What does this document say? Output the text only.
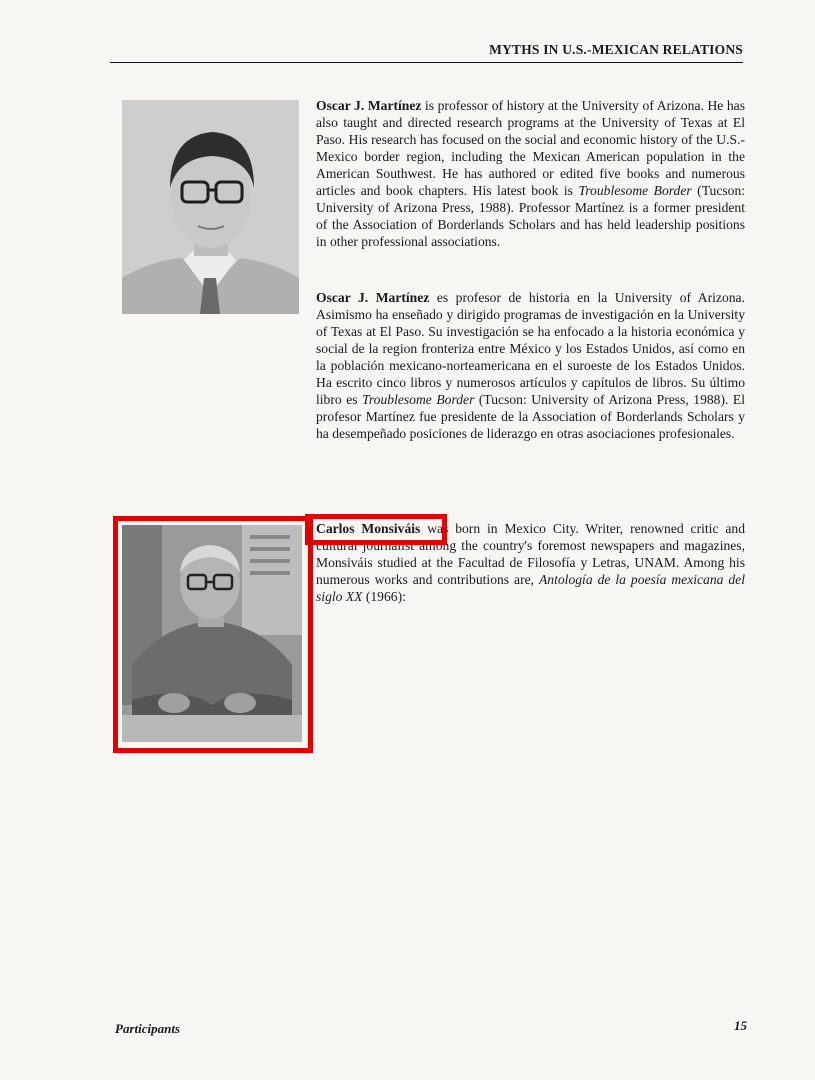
MYTHS IN U.S.-MEXICAN RELATIONS
Oscar J. Martínez is professor of history at the University of Arizona. He has also taught and directed research programs at the University of Texas at El Paso. His research has focused on the social and economic history of the U.S.-Mexico border region, including the Mexican American population in the American Southwest. He has authored or edited five books and numerous articles and book chapters. His latest book is Troublesome Border (Tucson: University of Arizona Press, 1988). Professor Martínez is a former president of the Association of Borderlands Scholars and has held leadership positions in other professional associations.
Oscar J. Martínez es profesor de historia en la University of Arizona. Asimismo ha enseñado y dirigido programas de investigación en la University of Texas at El Paso. Su investigación se ha enfocado a la historia económica y social de la region fronteriza entre México y los Estados Unidos, así como en la población mexicano-norteamericana en el suroeste de los Estados Unidos. Ha escrito cinco libros y numerosos artículos y capítulos de libros. Su último libro es Troublesome Border (Tucson: University of Arizona Press, 1988). El profesor Martínez fue presidente de la Association of Borderlands Scholars y ha desempeñado posiciones de liderazgo en otras asociaciones profesionales.
Carlos Monsiváis was born in Mexico City. Writer, renowned critic and cultural journalist among the country's foremost newspapers and magazines, Monsiváis studied at the Facultad de Filosofía y Letras, UNAM. Among his numerous works and contributions are, Antología de la poesía mexicana del siglo XX (1966):
Participants	15
